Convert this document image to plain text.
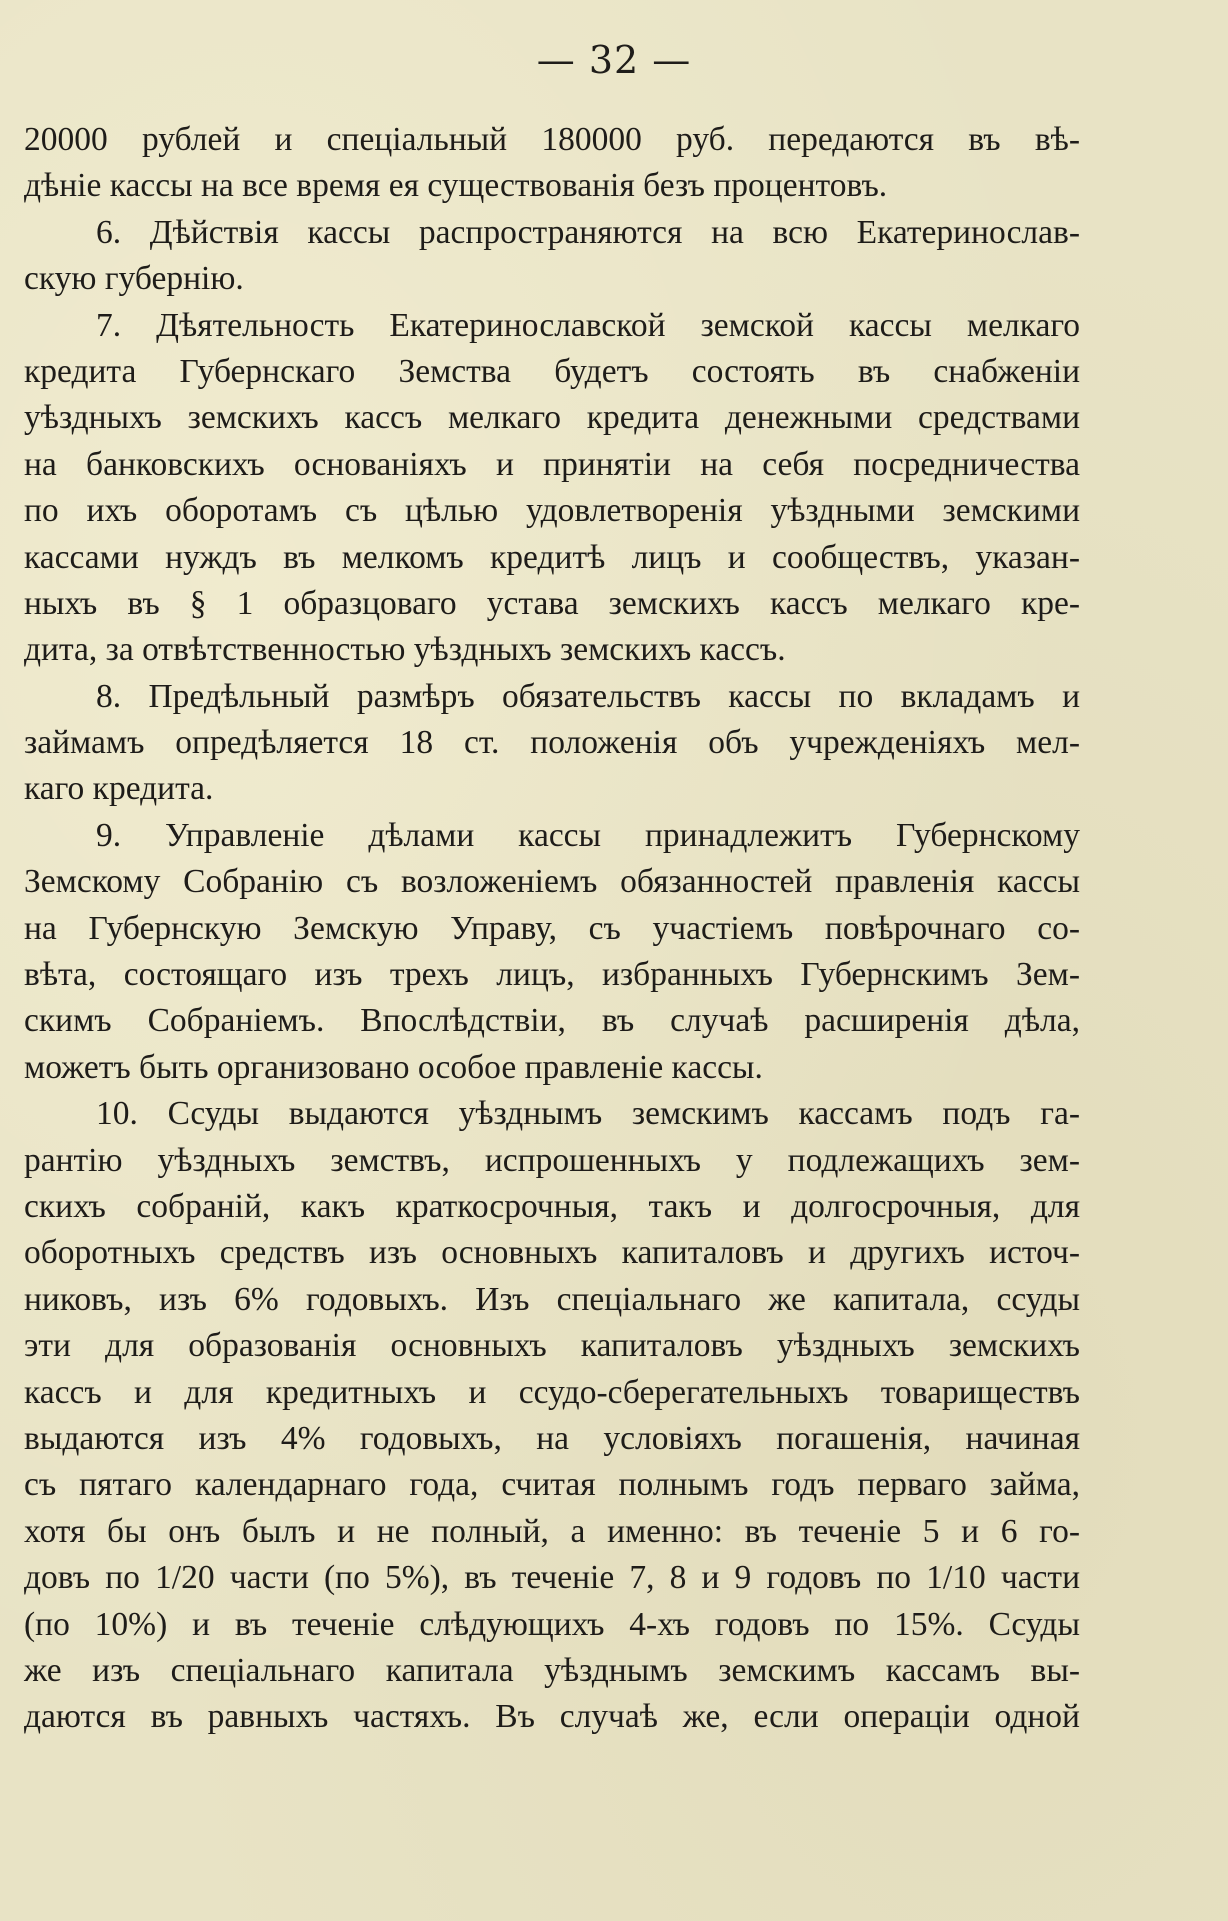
— 32 —
20000 рублей и спеціальный 180000 руб. передаются въ вѣ-
дѣніе кассы на все время ея существованія безъ процентовъ.
6. Дѣйствія кассы распространяются на всю Екатеринослав-
скую губернію.
7. Дѣятельность Екатеринославской земской кассы мелкаго
кредита Губернскаго Земства будетъ состоять въ снабженіи
уѣздныхъ земскихъ кассъ мелкаго кредита денежными средствами
на банковскихъ основаніяхъ и принятіи на себя посредничества
по ихъ оборотамъ съ цѣлью удовлетворенія уѣздными земскими
кассами нуждъ въ мелкомъ кредитѣ лицъ и сообществъ, указан-
ныхъ въ § 1 образцоваго устава земскихъ кассъ мелкаго кре-
дита, за отвѣтственностью уѣздныхъ земскихъ кассъ.
8. Предѣльный размѣръ обязательствъ кассы по вкладамъ и
займамъ опредѣляется 18 ст. положенія объ учрежденіяхъ мел-
каго кредита.
9. Управленіе дѣлами кассы принадлежитъ Губернскому
Земскому Собранію съ возложеніемъ обязанностей правленія кассы
на Губернскую Земскую Управу, съ участіемъ повѣрочнаго со-
вѣта, состоящаго изъ трехъ лицъ, избранныхъ Губернскимъ Зем-
скимъ Собраніемъ. Впослѣдствіи, въ случаѣ расширенія дѣла,
можетъ быть организовано особое правленіе кассы.
10. Ссуды выдаются уѣзднымъ земскимъ кассамъ подъ га-
рантію уѣздныхъ земствъ, испрошенныхъ у подлежащихъ зем-
скихъ собраній, какъ краткосрочныя, такъ и долгосрочныя, для
оборотныхъ средствъ изъ основныхъ капиталовъ и другихъ источ-
никовъ, изъ 6% годовыхъ. Изъ спеціальнаго же капитала, ссуды
эти для образованія основныхъ капиталовъ уѣздныхъ земскихъ
кассъ и для кредитныхъ и ссудо-сберегательныхъ товариществъ
выдаются изъ 4% годовыхъ, на условіяхъ погашенія, начиная
съ пятаго календарнаго года, считая полнымъ годъ перваго займа,
хотя бы онъ былъ и не полный, а именно: въ теченіе 5 и 6 го-
довъ по 1/20 части (по 5%), въ теченіе 7, 8 и 9 годовъ по 1/10 части
(по 10%) и въ теченіе слѣдующихъ 4-хъ годовъ по 15%. Ссуды
же изъ спеціальнаго капитала уѣзднымъ земскимъ кассамъ вы-
даются въ равныхъ частяхъ. Въ случаѣ же, если операціи одной
